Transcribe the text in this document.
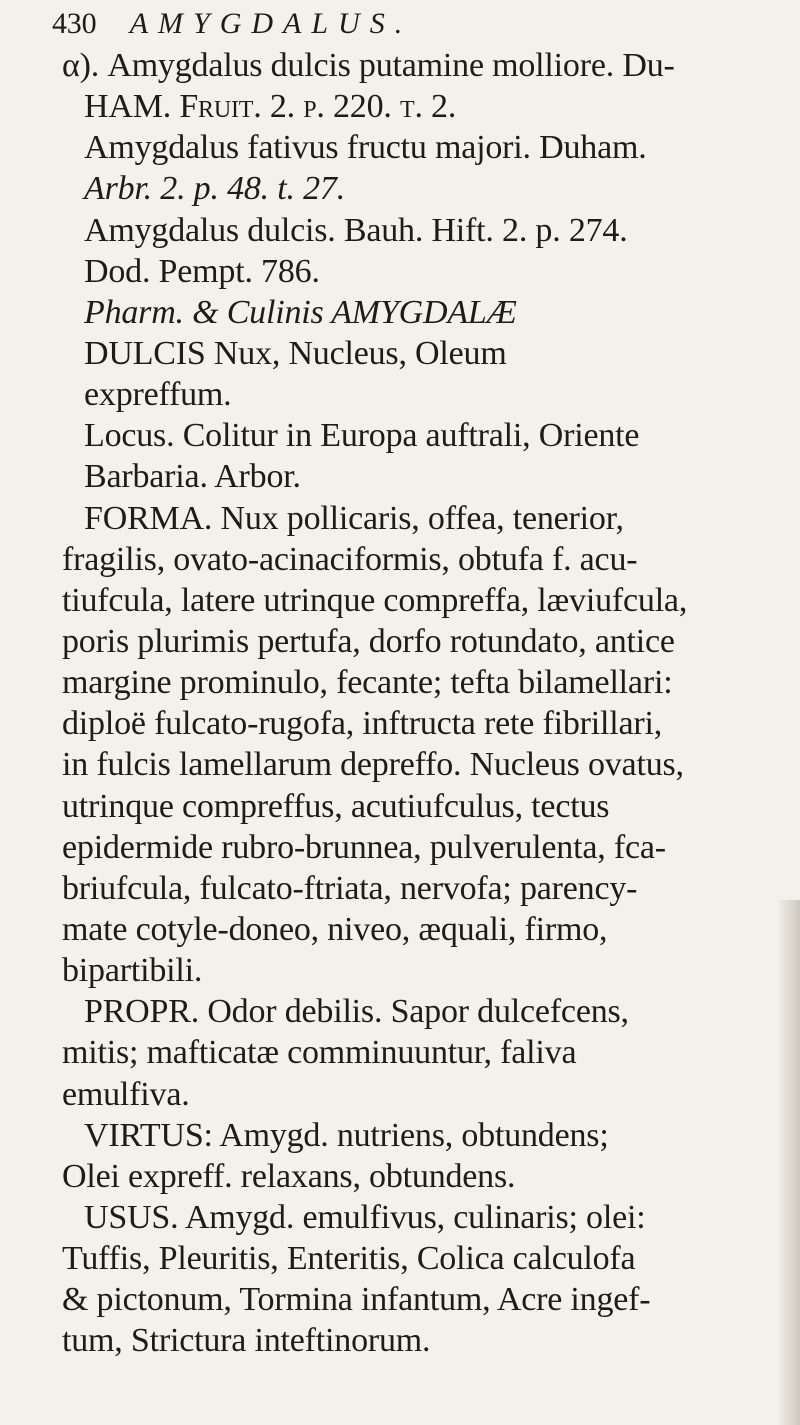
430 AMYGDALUS.
α). Amygdalus dulcis putamine molliore. Du-
HAM. Fruit. 2. p. 220. t. 2.
Amygdalus fativus fructu majori. Duham.
Arbr. 2. p. 48. t. 27.
Amygdalus dulcis. Bauh. Hift. 2. p. 274.
Dod. Pempt. 786.
Pharm. & Culinis AMYGDALÆ
DULCIS Nux, Nucleus, Oleum
expreffum.
Locus. Colitur in Europa auftrali, Oriente
Barbaria. Arbor.
FORMA. Nux pollicaris, offea, tenerior,
fragilis, ovato-acinaciformis, obtufa f. acu-
tiufcula, latere utrinque compreffa, læviufcula,
poris plurimis pertufa, dorfo rotundato, antice
margine prominulo, fecante; tefta bilamellari:
diploë fulcato-rugofa, inftructa rete fibrillari,
in fulcis lamellarum depreffo. Nucleus ovatus,
utrinque compreffus, acutiufculus, tectus
epidermide rubro-brunnea, pulverulenta, fca-
briufcula, fulcato-ftriata, nervofa; parency-
mate cotyle-doneo, niveo, æquali, firmo,
bipartibili.
PROPR. Odor debilis. Sapor dulcefcens,
mitis; mafticatæ comminuuntur, faliva
emulfiva.
VIRTUS: Amygd. nutriens, obtundens;
Olei expreff. relaxans, obtundens.
USUS. Amygd. emulfivus, culinaris; olei:
Tuffis, Pleuritis, Enteritis, Colica calculofa
& pictonum, Tormina infantum, Acre ingef-
tum, Strictura inteftinorum.
